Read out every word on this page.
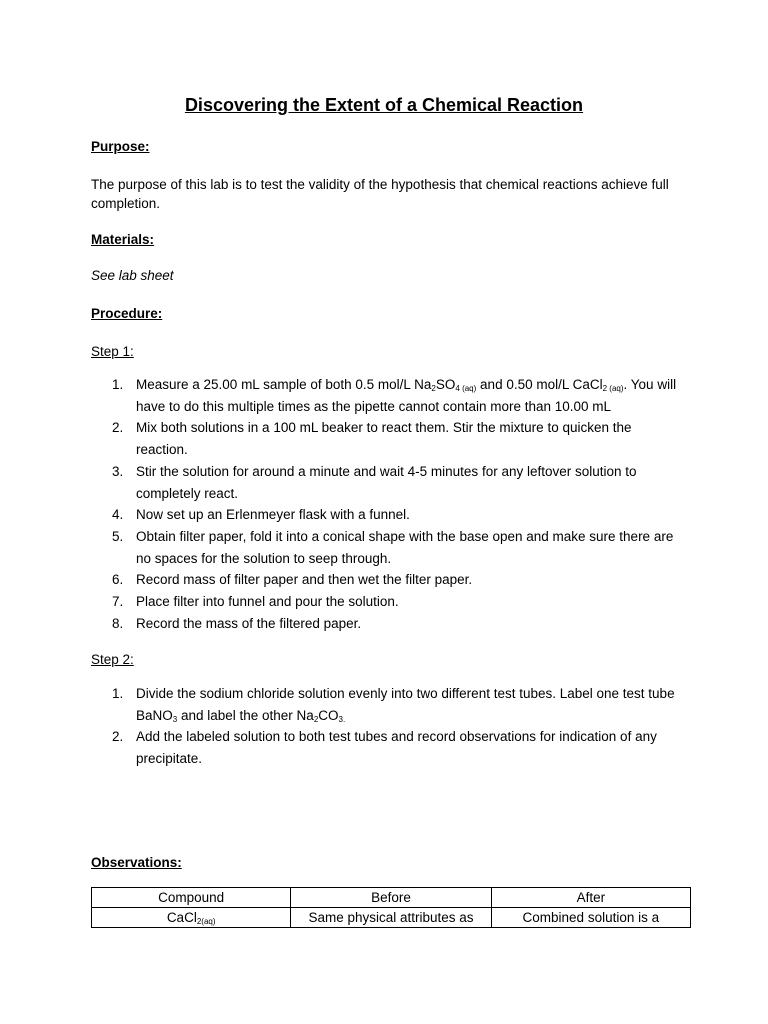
Discovering the Extent of a Chemical Reaction
Purpose:
The purpose of this lab is to test the validity of the hypothesis that chemical reactions achieve full completion.
Materials:
See lab sheet
Procedure:
Step 1:
1. Measure a 25.00 mL sample of both 0.5 mol/L $Na_2SO_{4 (aq)}$ and 0.50 mol/L CaCl$_{2 (aq)}$. You will have to do this multiple times as the pipette cannot contain more than 10.00 mL
2. Mix both solutions in a 100 mL beaker to react them. Stir the mixture to quicken the reaction.
3. Stir the solution for around a minute and wait 4-5 minutes for any leftover solution to completely react.
4. Now set up an Erlenmeyer flask with a funnel.
5. Obtain filter paper, fold it into a conical shape with the base open and make sure there are no spaces for the solution to seep through.
6. Record mass of filter paper and then wet the filter paper.
7. Place filter into funnel and pour the solution.
8. Record the mass of the filtered paper.
Step 2:
1. Divide the sodium chloride solution evenly into two different test tubes. Label one test tube BaNO$_3$ and label the other $Na_2CO_{3.}$
2. Add the labeled solution to both test tubes and record observations for indication of any precipitate.
Observations:
Compound	Before	After
CaCl$_{2(aq)}$	Same physical attributes as	Combined solution is a
